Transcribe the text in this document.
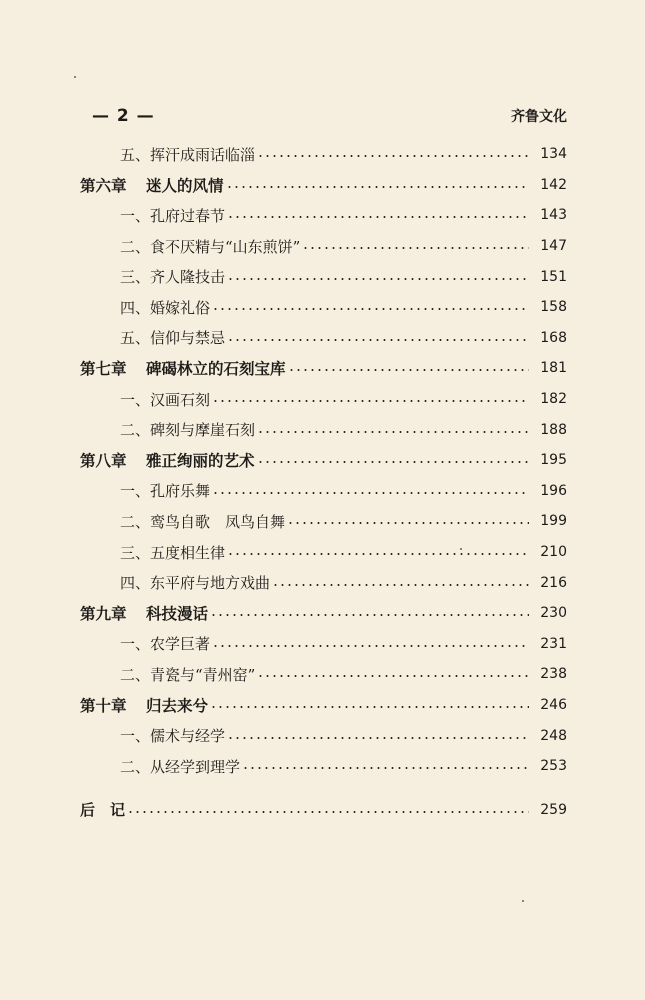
— 2 —	齐鲁文化
五、 挥汗成雨话临淄	134
第六章	迷人的风情	142
一、 孔府过春节	143
二、 食不厌精与“山东煎饼”	147
三、 齐人隆技击	151
四、 婚嫁礼俗	158
五、 信仰与禁忌	168
第七章	碑碣林立的石刻宝库	181
一、 汉画石刻	182
二、 碑刻与摩崖石刻	188
第八章	雅正绚丽的艺术	195
一、 孔府乐舞	196
二、 鸾鸟自歌　凤鸟自舞	199
三、 五度相生律	210
四、 东平府与地方戏曲	216
第九章	科技漫话	230
一、 农学巨著	231
二、 青瓷与“青州窑”	238
第十章	归去来兮	246
一、 儒术与经学	248
二、 从经学到理学	253
后　记	259
